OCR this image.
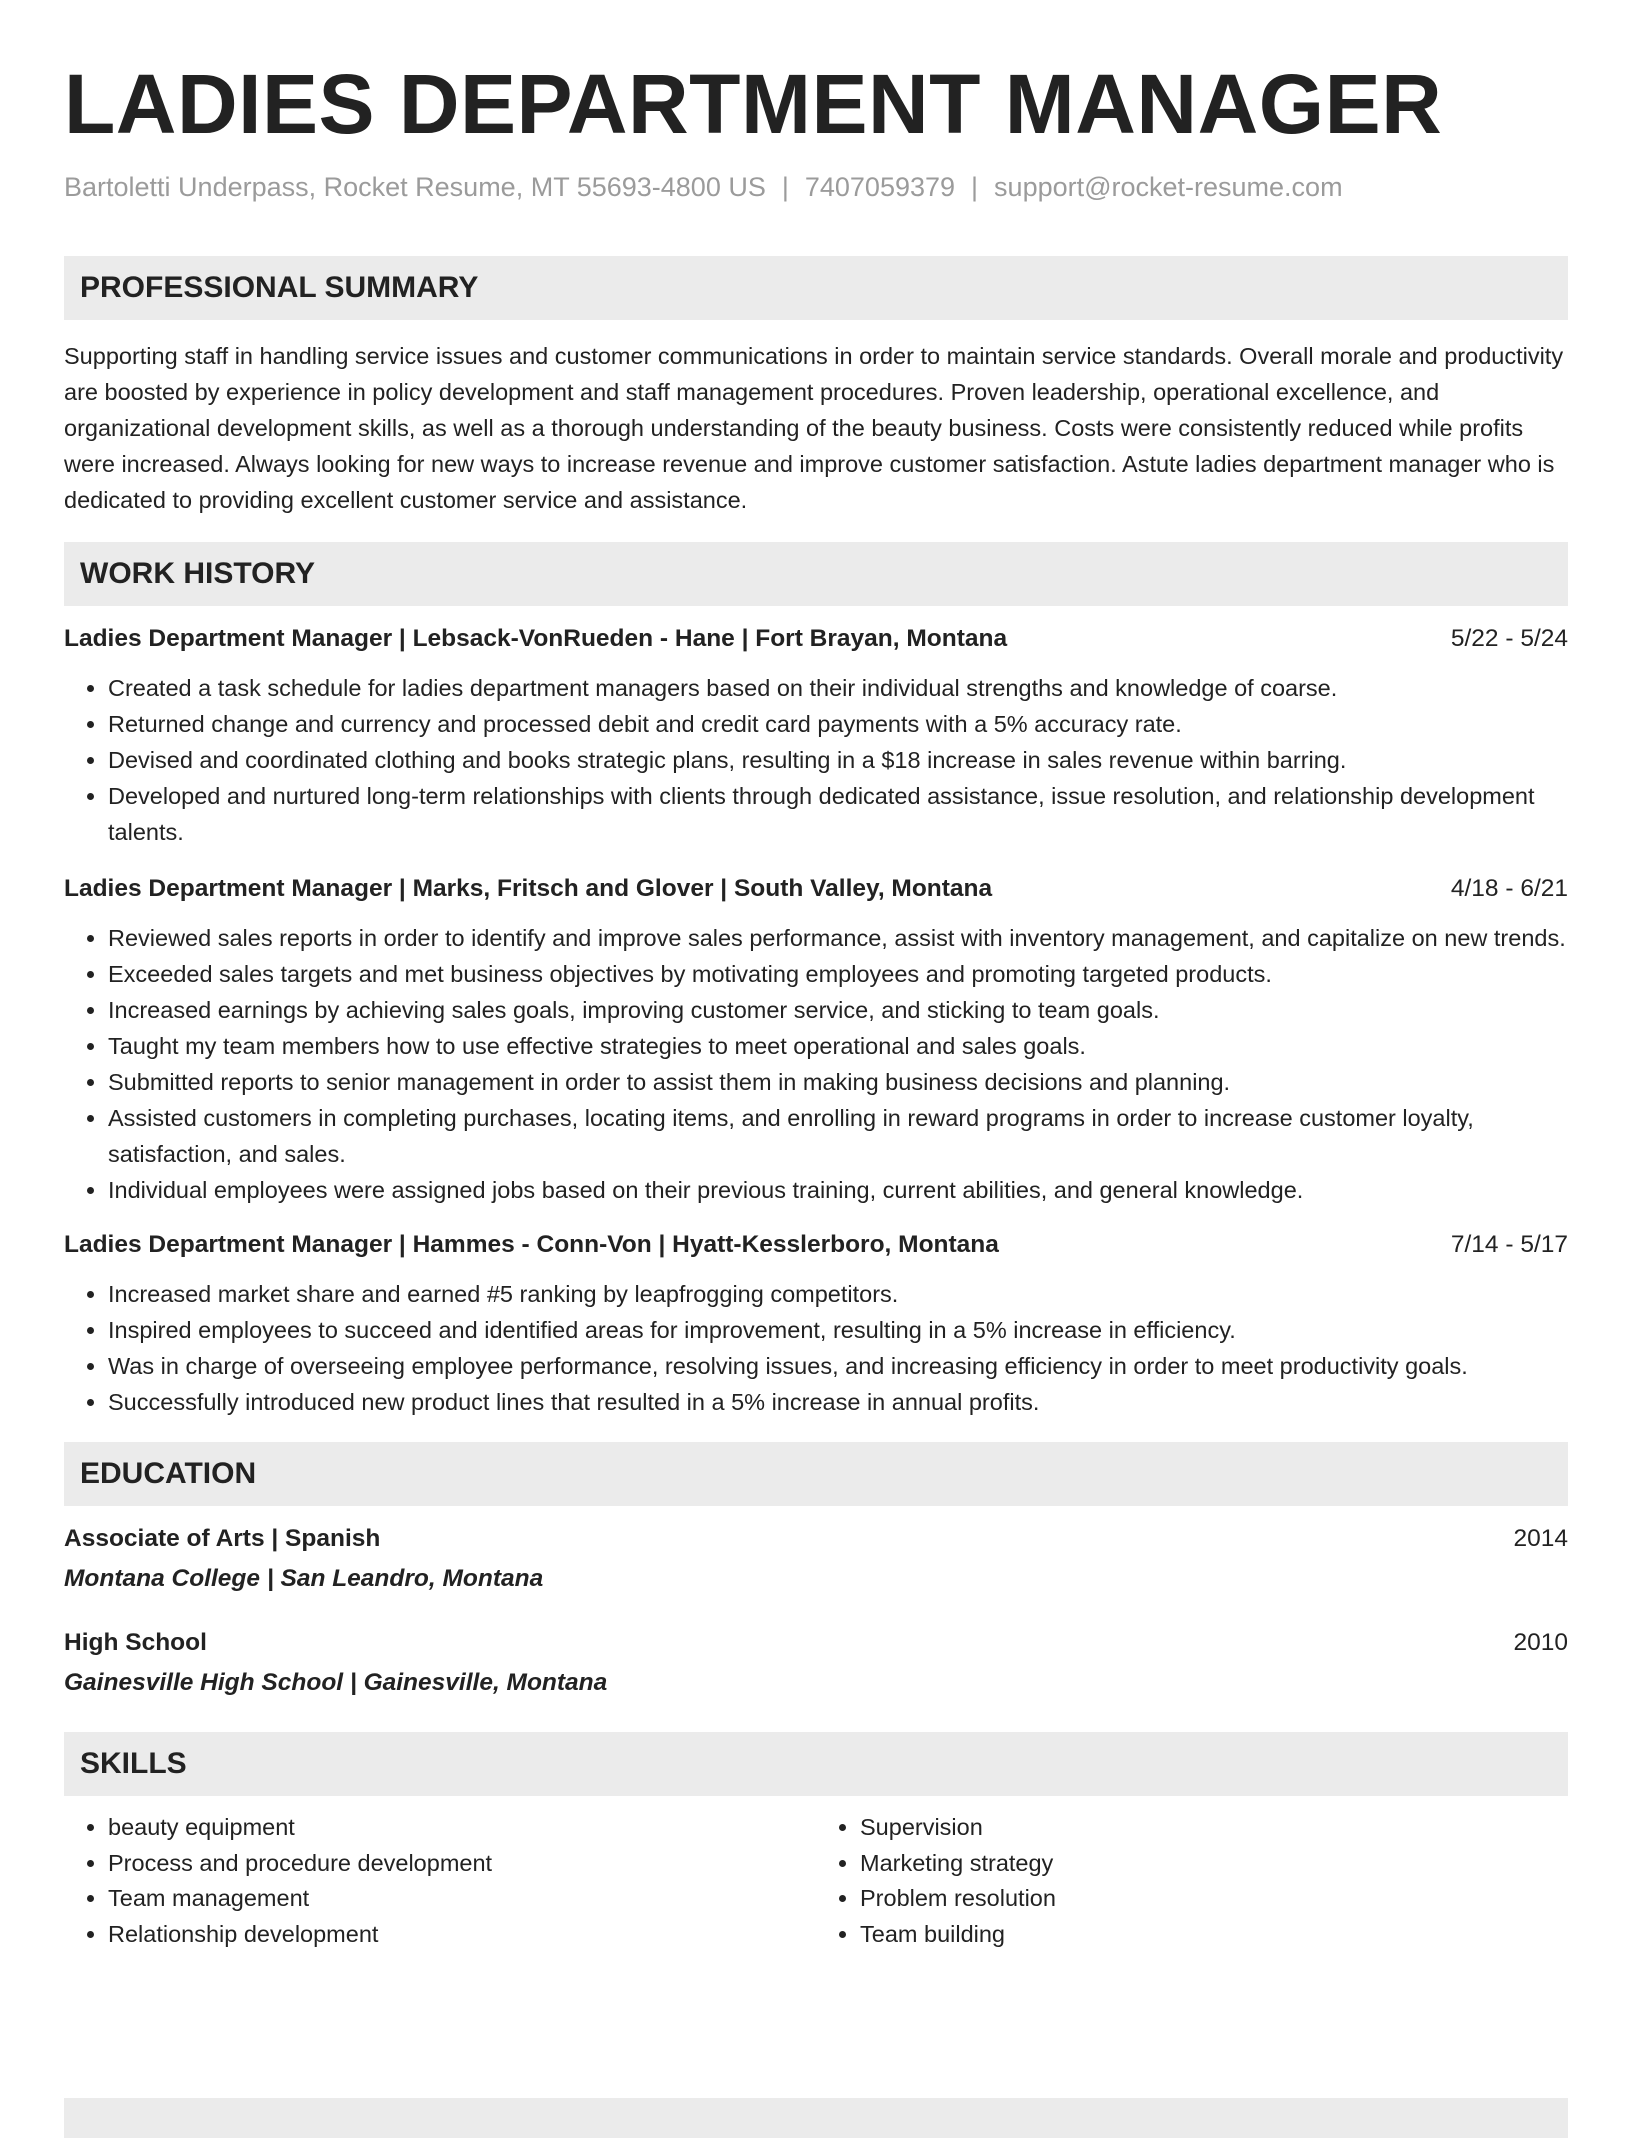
LADIES DEPARTMENT MANAGER
Bartoletti Underpass, Rocket Resume, MT 55693-4800 US | 7407059379 | support@rocket-resume.com
PROFESSIONAL SUMMARY

Supporting staff in handling service issues and customer communications in order to maintain service standards. Overall morale and productivity are boosted by experience in policy development and staff management procedures. Proven leadership, operational excellence, and organizational development skills, as well as a thorough understanding of the beauty business. Costs were consistently reduced while profits were increased. Always looking for new ways to increase revenue and improve customer satisfaction. Astute ladies department manager who is dedicated to providing excellent customer service and assistance.

WORK HISTORY
Ladies Department Manager | Lebsack-VonRueden - Hane | Fort Brayan, Montana	5/22 - 5/24
• Created a task schedule for ladies department managers based on their individual strengths and knowledge of coarse.
• Returned change and currency and processed debit and credit card payments with a 5% accuracy rate.
• Devised and coordinated clothing and books strategic plans, resulting in a $18 increase in sales revenue within barring.
• Developed and nurtured long-term relationships with clients through dedicated assistance, issue resolution, and relationship development talents.
Ladies Department Manager | Marks, Fritsch and Glover | South Valley, Montana	4/18 - 6/21
• Reviewed sales reports in order to identify and improve sales performance, assist with inventory management, and capitalize on new trends.
• Exceeded sales targets and met business objectives by motivating employees and promoting targeted products.
• Increased earnings by achieving sales goals, improving customer service, and sticking to team goals.
• Taught my team members how to use effective strategies to meet operational and sales goals.
• Submitted reports to senior management in order to assist them in making business decisions and planning.
• Assisted customers in completing purchases, locating items, and enrolling in reward programs in order to increase customer loyalty, satisfaction, and sales.
• Individual employees were assigned jobs based on their previous training, current abilities, and general knowledge.
Ladies Department Manager | Hammes - Conn-Von | Hyatt-Kesslerboro, Montana	7/14 - 5/17
• Increased market share and earned #5 ranking by leapfrogging competitors.
• Inspired employees to succeed and identified areas for improvement, resulting in a 5% increase in efficiency.
• Was in charge of overseeing employee performance, resolving issues, and increasing efficiency in order to meet productivity goals.
• Successfully introduced new product lines that resulted in a 5% increase in annual profits.
EDUCATION
Associate of Arts | Spanish	2014
Montana College | San Leandro, Montana
High School	2010
Gainesville High School | Gainesville, Montana
SKILLS
• beauty equipment
• Process and procedure development
• Team management
• Relationship development
• Supervision
• Marketing strategy
• Problem resolution
• Team building
